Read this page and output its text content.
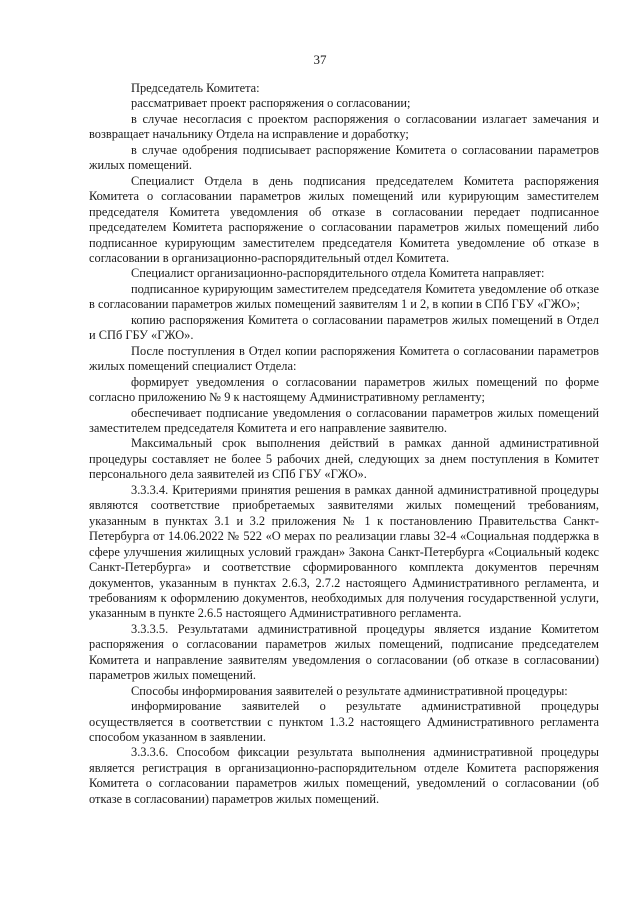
37

Председатель Комитета:

рассматривает проект распоряжения о согласовании;

в случае несогласия с проектом распоряжения о согласовании излагает замечания и возвращает начальнику Отдела на исправление и доработку;

в случае одобрения подписывает распоряжение Комитета о согласовании параметров жилых помещений.

Специалист Отдела в день подписания председателем Комитета распоряжения Комитета о согласовании параметров жилых помещений или курирующим заместителем председателя Комитета уведомления об отказе в согласовании передает подписанное председателем Комитета распоряжение о согласовании параметров жилых помещений либо подписанное курирующим заместителем председателя Комитета уведомление об отказе в согласовании в организационно-распорядительный отдел Комитета.

Специалист организационно-распорядительного отдела Комитета направляет:

подписанное курирующим заместителем председателя Комитета уведомление об отказе в согласовании параметров жилых помещений заявителям 1 и 2, в копии в СПб ГБУ «ГЖО»;

копию распоряжения Комитета о согласовании параметров жилых помещений в Отдел и СПб ГБУ «ГЖО».

После поступления в Отдел копии распоряжения Комитета о согласовании параметров жилых помещений специалист Отдела:

формирует уведомления о согласовании параметров жилых помещений по форме согласно приложению № 9 к настоящему Административному регламенту;

обеспечивает подписание уведомления о согласовании параметров жилых помещений заместителем председателя Комитета и его направление заявителю.

Максимальный срок выполнения действий в рамках данной административной процедуры составляет не более 5 рабочих дней, следующих за днем поступления в Комитет персонального дела заявителей из СПб ГБУ «ГЖО».

3.3.3.4. Критериями принятия решения в рамках данной административной процедуры являются соответствие приобретаемых заявителями жилых помещений требованиям, указанным в пунктах 3.1 и 3.2 приложения № 1 к постановлению Правительства Санкт-Петербурга от 14.06.2022 № 522 «О мерах по реализации главы 32-4 «Социальная поддержка в сфере улучшения жилищных условий граждан» Закона Санкт-Петербурга «Социальный кодекс Санкт-Петербурга» и соответствие сформированного комплекта документов перечням документов, указанным в пунктах 2.6.3, 2.7.2 настоящего Административного регламента, и требованиям к оформлению документов, необходимых для получения государственной услуги, указанным в пункте 2.6.5 настоящего Административного регламента.

3.3.3.5. Результатами административной процедуры является издание Комитетом распоряжения о согласовании параметров жилых помещений, подписание председателем Комитета и направление заявителям уведомления о согласовании (об отказе в согласовании) параметров жилых помещений.

Способы информирования заявителей о результате административной процедуры:

информирование заявителей о результате административной процедуры осуществляется в соответствии с пунктом 1.3.2 настоящего Административного регламента способом указанном в заявлении.

3.3.3.6. Способом фиксации результата выполнения административной процедуры является регистрация в организационно-распорядительном отделе Комитета распоряжения Комитета о согласовании параметров жилых помещений, уведомлений о согласовании (об отказе в согласовании) параметров жилых помещений.
